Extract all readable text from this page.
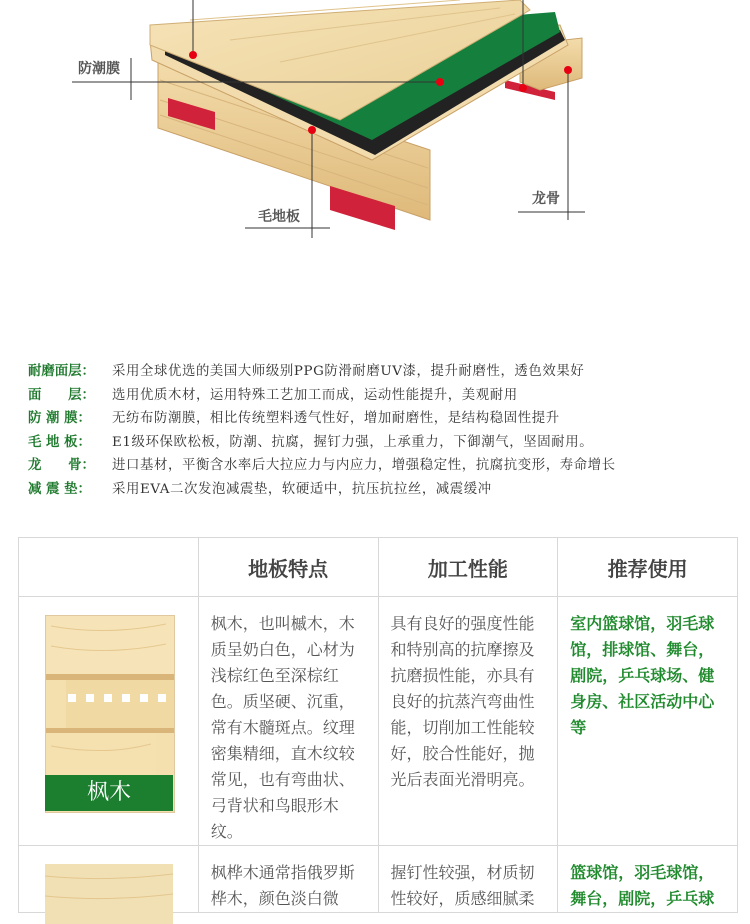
防潮膜
毛地板
龙骨
耐磨面层： 采用全球优选的美国大师级别PPG防滑耐磨UV漆，提升耐磨性，透色效果好
面　　层： 选用优质木材，运用特殊工艺加工而成，运动性能提升，美观耐用
防 潮 膜： 无纺布防潮膜，相比传统塑料透气性好，增加耐磨性，是结构稳固性提升
毛 地 板： E1级环保欧松板，防潮、抗腐，握钉力强，上承重力，下御潮气，坚固耐用。
龙　　骨： 进口基材，平衡含水率后大拉应力与内应力，增强稳定性，抗腐抗变形，寿命增长
减 震 垫： 采用EVA二次发泡减震垫，软硬适中，抗压抗拉丝，减震缓冲
	地板特点	加工性能	推荐使用

枫木	枫木，也叫槭木，木质呈奶白色，心材为浅棕红色至深棕红色。质坚硬、沉重，常有木髓斑点。纹理密集精细，直木纹较常见，也有弯曲状、弓背状和鸟眼形木纹。	具有良好的强度性能和特别高的抗摩擦及抗磨损性能，亦具有良好的抗蒸汽弯曲性能，切削加工性能较好，胶合性能好，抛光后表面光滑明亮。	室内篮球馆，羽毛球馆，排球馆、舞台，剧院，乒乓球场、健身房、社区活动中心等

枫桦木通常指俄罗斯桦木，颜色淡白微	握钉性较强，材质韧性较好，质感细腻柔	篮球馆，羽毛球馆，舞台，剧院，乒乓球
